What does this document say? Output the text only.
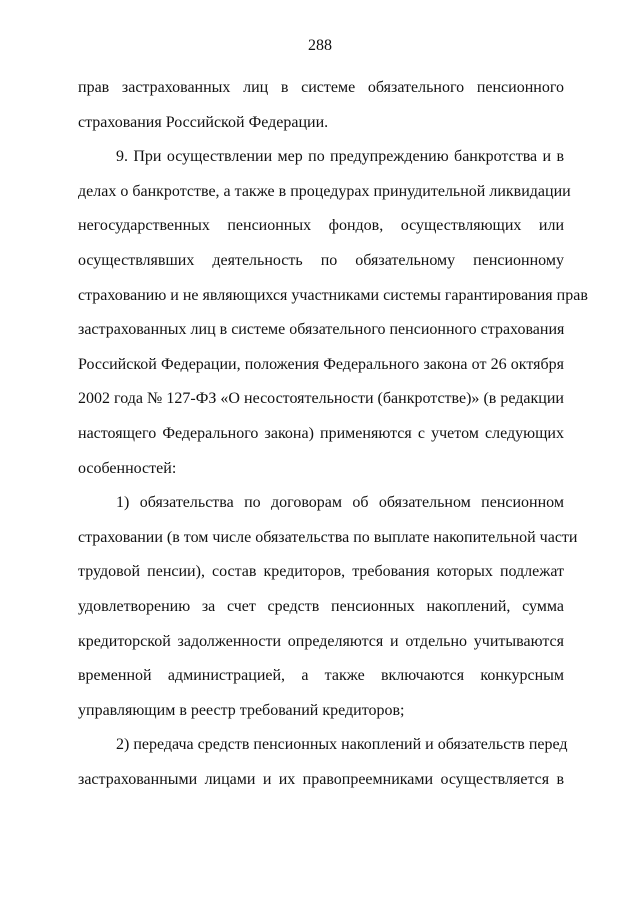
288
прав застрахованных лиц в системе обязательного пенсионного
страхования Российской Федерации.
9. При осуществлении мер по предупреждению банкротства и в
делах о банкротстве, а также в процедурах принудительной ликвидации
негосударственных пенсионных фондов, осуществляющих или
осуществлявших деятельность по обязательному пенсионному
страхованию и не являющихся участниками системы гарантирования прав
застрахованных лиц в системе обязательного пенсионного страхования
Российской Федерации, положения Федерального закона от 26 октября
2002 года № 127-ФЗ «О несостоятельности (банкротстве)» (в редакции
настоящего Федерального закона) применяются с учетом следующих
особенностей:
1) обязательства по договорам об обязательном пенсионном
страховании (в том числе обязательства по выплате накопительной части
трудовой пенсии), состав кредиторов, требования которых подлежат
удовлетворению за счет средств пенсионных накоплений, сумма
кредиторской задолженности определяются и отдельно учитываются
временной администрацией, а также включаются конкурсным
управляющим в реестр требований кредиторов;
2) передача средств пенсионных накоплений и обязательств перед
застрахованными лицами и их правопреемниками осуществляется в
